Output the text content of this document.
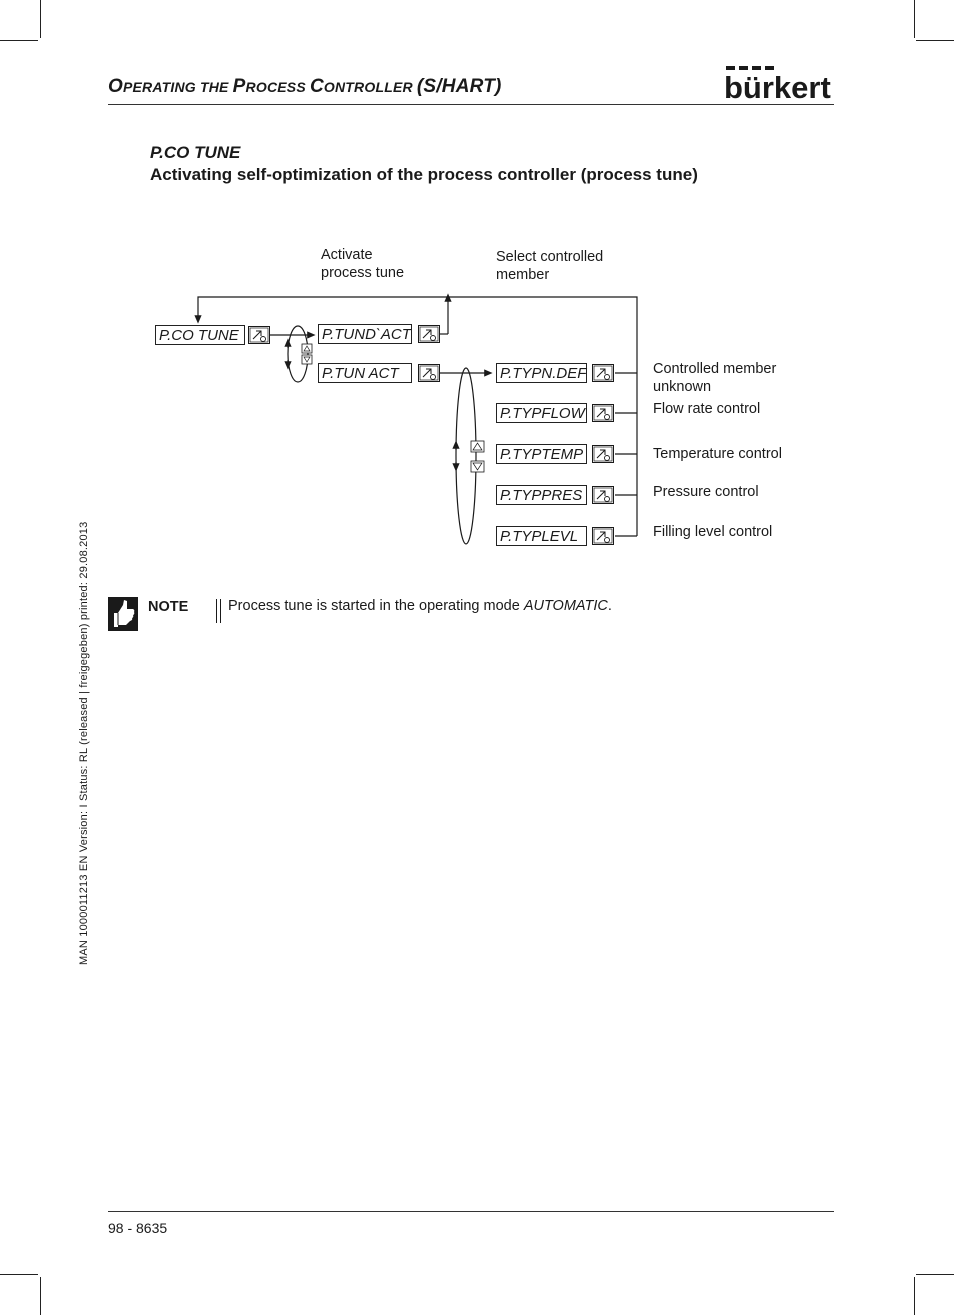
OPERATING THE PROCESS CONTROLLER (S/HART)	bürkert
P.CO TUNE
Activating self-optimization of the process controller (process tune)
Activate
process tune
Select controlled
member
P.CO TUNE	P.TUND`ACT
P.TUN ACT	P.TYPN.DEF
P.TYPFLOW
P.TYPTEMP
P.TYPPRES
P.TYPLEVL
Controlled member
unknown
Flow rate control
Temperature control
Pressure control
Filling level control
NOTE	Process tune is started in the operating mode AUTOMATIC.
MAN 1000011213 EN Version: I Status: RL (released | freigegeben) printed: 29.08.2013
98 - 8635
